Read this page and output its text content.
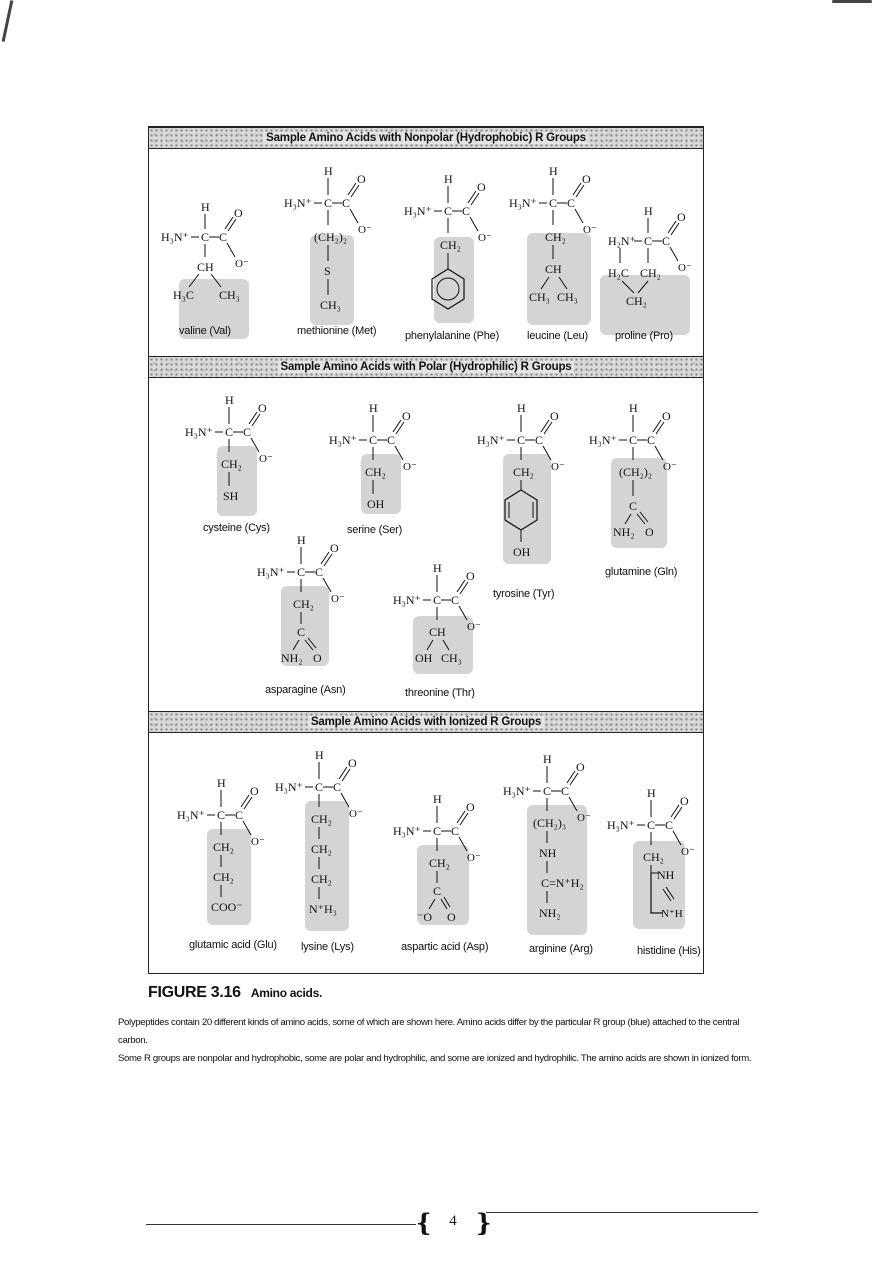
Sample Amino Acids with Nonpolar (Hydrophobic) R Groups
H
H₃N⁺ C C
O
O⁻
CH
H₃C CH₃
valine (Val)
H
H₃N⁺ C C
O
O⁻
(CH₂)₂
S
CH₃
methionine (Met)
H
H₃N⁺ C C
O
O⁻
CH₂
phenylalanine (Phe)
H
H₃N⁺ C C
O
O⁻
CH₂
CH
CH₃ CH₃
leucine (Leu)
H
H₂N⁺ C C
O
O⁻
H₂C CH₂
CH₂
proline (Pro)
Sample Amino Acids with Polar (Hydrophilic) R Groups
H
H₃N⁺ C C
O
O⁻
CH₂
SH
cysteine (Cys)
H
H₃N⁺ C C
O
O⁻
CH₂
OH
serine (Ser)
H
H₃N⁺ C C
O
O⁻
CH₂
OH
tyrosine (Tyr)
H
H₃N⁺ C C
O
O⁻
(CH₂)₂
C
NH₂ O
glutamine (Gln)
H
H₃N⁺ C C
O
O⁻
CH₂
C
NH₂ O
asparagine (Asn)
H
H₃N⁺ C C
O
O⁻
CH
OH CH₃
threonine (Thr)
Sample Amino Acids with Ionized R Groups
H
H₃N⁺ C C
O
O⁻
CH₂
CH₂
COO⁻
glutamic acid (Glu)
H
H₃N⁺ C C
O
O⁻
CH₂
CH₂
CH₂
N⁺H₃
lysine (Lys)
H
H₃N⁺ C C
O
O⁻
CH₂
C
⁻O O
aspartic acid (Asp)
H
H₃N⁺ C C
O
O⁻
(CH₂)₃
NH
C=N⁺H₂
NH₂
arginine (Arg)
H
H₃N⁺ C C
O
O⁻
CH₂
NH
N⁺H
histidine (His)
FIGURE 3.16 Amino acids.
Polypeptides contain 20 different kinds of amino acids, some of which are shown here. Amino acids differ by the particular R group (blue) attached to the central carbon.
Some R groups are nonpolar and hydrophobic, some are polar and hydrophilic, and some are ionized and hydrophilic. The amino acids are shown in ionized form.
{	4 }
